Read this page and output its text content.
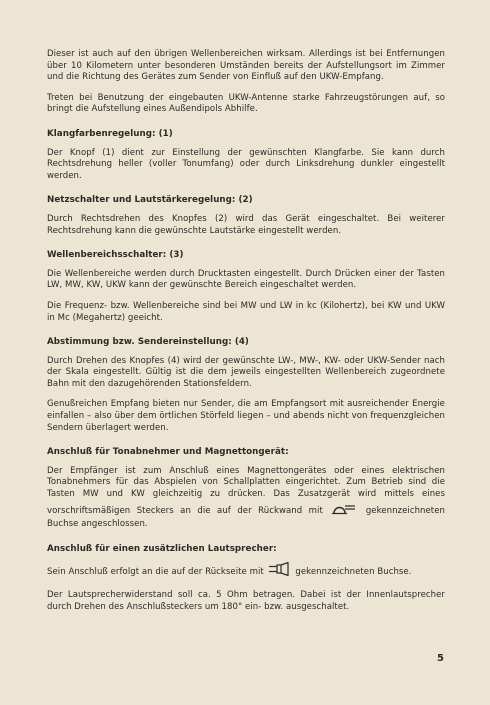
Dieser ist auch auf den übrigen Wellenbereichen wirksam. Allerdings ist bei Entfernungen über 10 Kilometern unter besonderen Umständen bereits der Aufstellungsort im Zimmer und die Richtung des Gerätes zum Sender von Einfluß auf den UKW-Empfang.

Treten bei Benutzung der eingebauten UKW-Antenne starke Fahrzeugstörungen auf, so bringt die Aufstellung eines Außendipols Abhilfe.

Klangfarbenregelung: (1)

Der Knopf (1) dient zur Einstellung der gewünschten Klangfarbe. Sie kann durch Rechtsdrehung heller (voller Tonumfang) oder durch Linksdrehung dunkler eingestellt werden.

Netzschalter und Lautstärkeregelung: (2)

Durch Rechtsdrehen des Knopfes (2) wird das Gerät eingeschaltet. Bei weiterer Rechtsdrehung kann die gewünschte Lautstärke eingestellt werden.

Wellenbereichsschalter: (3)

Die Wellenbereiche werden durch Drucktasten eingestellt. Durch Drücken einer der Tasten LW, MW, KW, UKW kann der gewünschte Bereich eingeschaltet werden.

Die Frequenz- bzw. Wellenbereiche sind bei MW und LW in kc (Kilohertz), bei KW und UKW in Mc (Megahertz) geeicht.

Abstimmung bzw. Sendereinstellung: (4)

Durch Drehen des Knopfes (4) wird der gewünschte LW-, MW-, KW- oder UKW-Sender nach der Skala eingestellt. Gültig ist die dem jeweils eingestellten Wellenbereich zugeordnete Bahn mit den dazugehörenden Stationsfeldern.

Genußreichen Empfang bieten nur Sender, die am Empfangsort mit ausreichender Energie einfallen – also über dem örtlichen Störfeld liegen – und abends nicht von frequenzgleichen Sendern überlagert werden.

Anschluß für Tonabnehmer und Magnettongerät:

Der Empfänger ist zum Anschluß eines Magnettongerätes oder eines elektrischen Tonabnehmers für das Abspielen von Schallplatten eingerichtet. Zum Betrieb sind die Tasten MW und KW gleichzeitig zu drücken. Das Zusatzgerät wird mittels eines vorschriftsmäßigen Steckers an die auf der Rückwand mit	gekennzeichneten Buchse angeschlossen.

Anschluß für einen zusätzlichen Lautsprecher:

Sein Anschluß erfolgt an die auf der Rückseite mit	gekennzeichneten Buchse.

Der Lautsprecherwiderstand soll ca. 5 Ohm betragen. Dabei ist der Innenlautsprecher durch Drehen des Anschlußsteckers um 180° ein- bzw. ausgeschaltet.

5
